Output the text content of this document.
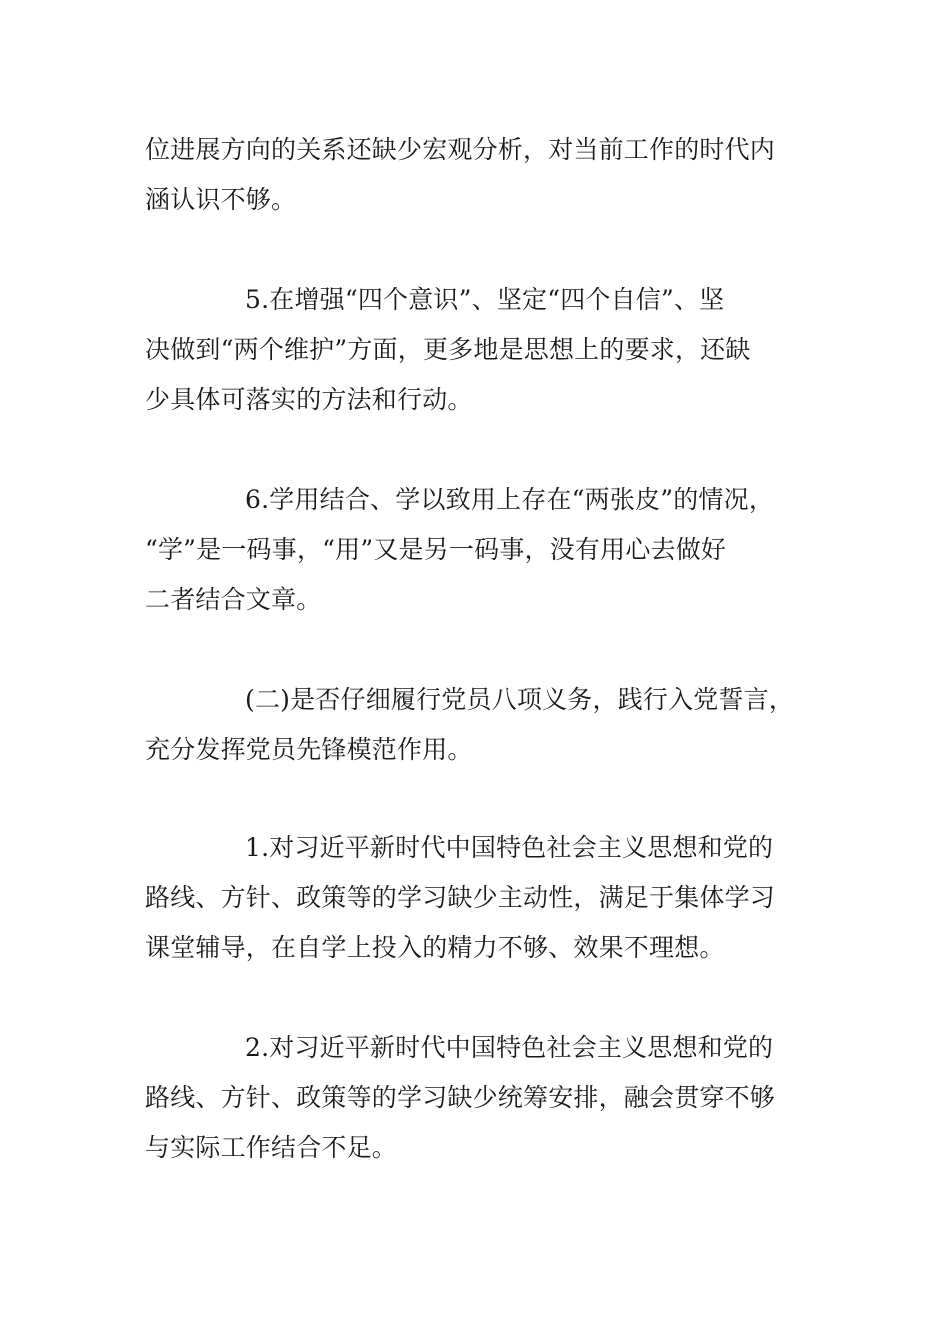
位进展方向的关系还缺少宏观分析，对当前工作的时代内
涵认识不够。
5.在增强“四个意识”、坚定“四个自信”、坚
决做到“两个维护”方面，更多地是思想上的要求，还缺
少具体可落实的方法和行动。
6.学用结合、学以致用上存在“两张皮”的情况，
“学”是一码事，“用”又是另一码事，没有用心去做好
二者结合文章。
(二)是否仔细履行党员八项义务，践行入党誓言，
充分发挥党员先锋模范作用。
1.对习近平新时代中国特色社会主义思想和党的
路线、方针、政策等的学习缺少主动性，满足于集体学习
课堂辅导，在自学上投入的精力不够、效果不理想。
2.对习近平新时代中国特色社会主义思想和党的
路线、方针、政策等的学习缺少统筹安排，融会贯穿不够
与实际工作结合不足。
